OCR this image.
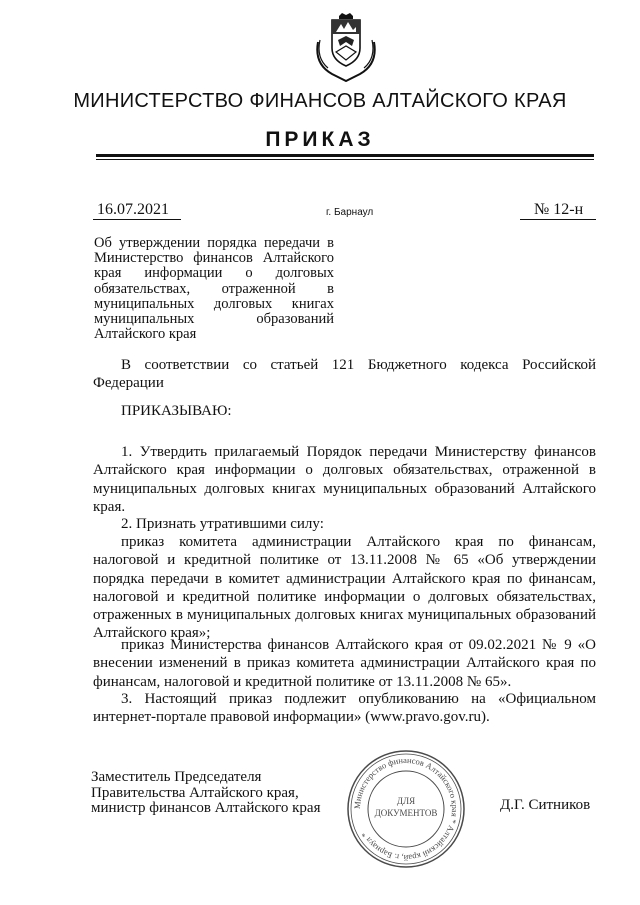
МИНИСТЕРСТВО ФИНАНСОВ АЛТАЙСКОГО КРАЯ
ПРИКАЗ
16.07.2021	г. Барнаул	№ 12-н
Об утверждении порядка передачи в Министерство финансов Алтайского края информации о долговых обязательствах, отраженной в муниципальных долговых книгах муниципальных образований Алтайского края

В соответствии со статьей 121 Бюджетного кодекса Российской Федерации

ПРИКАЗЫВАЮ:

1. Утвердить прилагаемый Порядок передачи Министерству финансов Алтайского края информации о долговых обязательствах, отраженной в муниципальных долговых книгах муниципальных образований Алтайского края.

2. Признать утратившими силу:

приказ комитета администрации Алтайского края по финансам, налоговой и кредитной политике от 13.11.2008 № 65 «Об утверждении порядка передачи в комитет администрации Алтайского края по финансам, налоговой и кредитной политике информации о долговых обязательствах, отраженных в муниципальных долговых книгах муниципальных образований Алтайского края»;

приказ Министерства финансов Алтайского края от 09.02.2021 № 9 «О внесении изменений в приказ комитета администрации Алтайского края по финансам, налоговой и кредитной политике от 13.11.2008 № 65».

3. Настоящий приказ подлежит опубликованию на «Официальном интернет-портале правовой информации» (www.pravo.gov.ru).

Заместитель Председателя
Правительства Алтайского края,
министр финансов Алтайского края	Министерство финансов Алтайского края * Алтайский край, г. Барнаул *
ДЛЯ
ДОКУМЕНТОВ	Д.Г. Ситников
